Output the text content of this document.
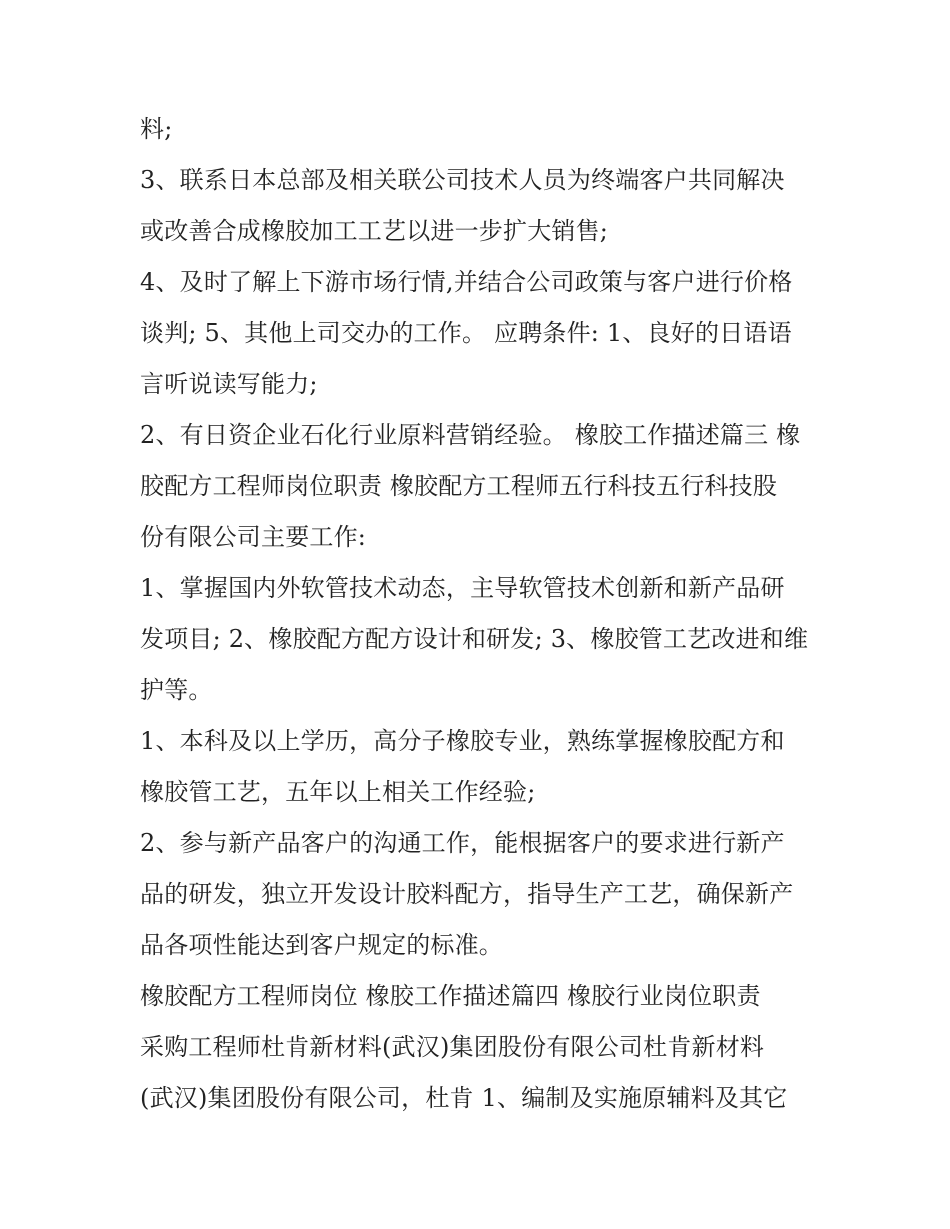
料;
3、联系日本总部及相关联公司技术人员为终端客户共同解决
或改善合成橡胶加工工艺以进一步扩大销售;
4、及时了解上下游市场行情,并结合公司政策与客户进行价格
谈判; 5、其他上司交办的工作。 应聘条件: 1、良好的日语语
言听说读写能力;
2、有日资企业石化行业原料营销经验。 橡胶工作描述篇三 橡
胶配方工程师岗位职责 橡胶配方工程师五行科技五行科技股
份有限公司主要工作:
1、掌握国内外软管技术动态，主导软管技术创新和新产品研
发项目; 2、橡胶配方配方设计和研发; 3、橡胶管工艺改进和维
护等。
1、本科及以上学历，高分子橡胶专业，熟练掌握橡胶配方和
橡胶管工艺，五年以上相关工作经验;
2、参与新产品客户的沟通工作，能根据客户的要求进行新产
品的研发，独立开发设计胶料配方，指导生产工艺，确保新产
品各项性能达到客户规定的标准。
橡胶配方工程师岗位 橡胶工作描述篇四 橡胶行业岗位职责
采购工程师杜肯新材料(武汉)集团股份有限公司杜肯新材料
(武汉)集团股份有限公司，杜肯 1、编制及实施原辅料及其它
